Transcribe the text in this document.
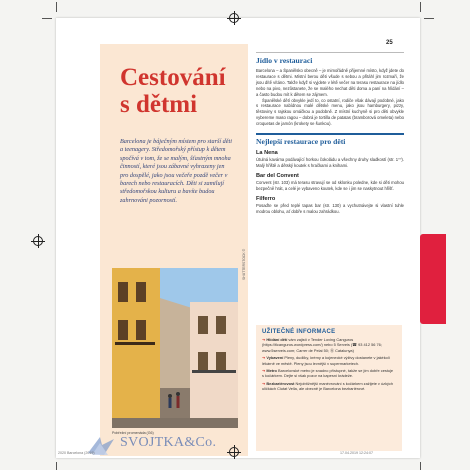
25
Cestování s dětmi

Barcelona je báječným místem pro starší děti a teenagery. Středomořský přístup k dětem spočívá v tom, že se malým, šťastným mnoha činností, které jsou zábavné vyhrazeny jen pro dospělé, jako jsou večeře pozdě večer v barech nebo restauracích. Děti si zamilují středomořskou kulturu a bavíte budou zahrnováni pozorností.

Pobřežní promenáda (G6)
SHUTTERSTOCK ©
Jídlo v restauraci

Barcelona – a Španělsko obecně – je mimořádně přijemné místo, když jdete do restaurace s dětmi. Místní berou děti všude s sebou a přitáhl jim rozmaři, že jsou dítě vítáno. Takže když si vyjdete v létě večer na terasu restaurace na jídlo nebo na pivo, nezůstanete, že se malého nechat děti doma a paní na hlídání – a často budou mít k dětem se zájmem.

Španělské dětí obvykle jedí to, co ostatní, rodiče však dávají podobné, jako s restaurace nabídnou malé dětské menu, jako jsou hamburgery, pizzy, těstoviny s rajskou omáčkou a podobně. Z místní kuchyně si pro děti obvykle vybereme maso ragou – dobrá je tortilla de patatas (bramborová omeleta) nebo croquetas de jamón (krokety se šunkou).

Nejlepší restaurace pro děti
La Nena

Útulná kavárna podávající horkou čokoládu a všechny druhy sladkostí (str. 1⁰⁰). Malý hřiště a dětský koutek s hračkami a knihami.

Bar del Convent

Convent (str. 103) má terasu stravují se od sklonku poledne, kde si děti mohou bezpečně hrát, a celé je vybaveno koutek, kde se i jim se naskytnout hřišť.

Filferro

Posaďte se před teplé tapas bar (str. 130) a vychutnávejte si vlastní tuhle modrou oblohu, ať dobře s malou zahrádkou.

UŽITEČNÉ INFORMACE
➔ Hlídání dětí vám zajistí v Tender Loving Canguros (https://tlcanguros.wordpress.com/) nebo 5 Serveis (☎ 93 412 56 76; www.5serveis.com; Carrer de Pelai 50; Ⓜ Catalunya)
➔ Vybavení Pleny, dudlíky, krémy a kojenecké výživy dostanete v jakékoli lékárně ve městě. Pleny jsou levnější v supermarketech.
➔ Metro Barcelonské metro je snadno přístupné, takže se jím dobře cestuje s kočárkem. Dejte si však pozor na kapesní krádeže.
➔ Bezbariérovost Nejobtížnější manévrování s kočárkem zažijete v úzkých uličkách Ciutat Vella, ale obecně je Barcelona bezbariérové.
SVOJTKA&Co.
2020 Barcelona (2019)	17.04.2019 12:24:07
